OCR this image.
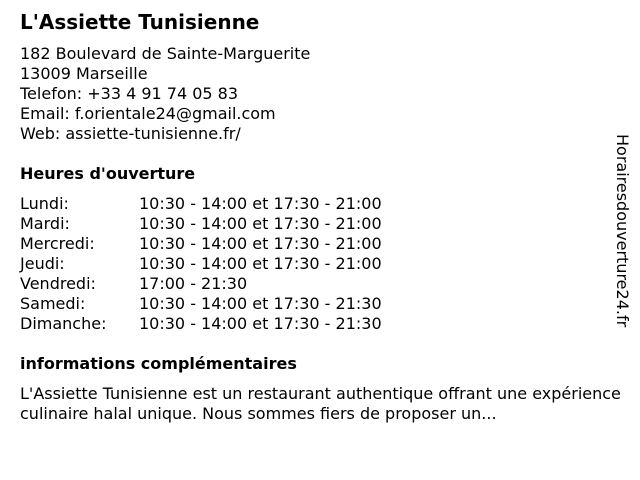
L'Assiette Tunisienne
182 Boulevard de Sainte-Marguerite
13009 Marseille
Telefon: +33 4 91 74 05 83
Email: f.orientale24@gmail.com
Web: assiette-tunisienne.fr/
Heures d'ouverture
Lundi:	10:30 - 14:00 et 17:30 - 21:00
Mardi:	10:30 - 14:00 et 17:30 - 21:00
Mercredi:	10:30 - 14:00 et 17:30 - 21:00
Jeudi:	10:30 - 14:00 et 17:30 - 21:00
Vendredi:	17:00 - 21:30
Samedi:	10:30 - 14:00 et 17:30 - 21:30
Dimanche: 10:30 - 14:00 et 17:30 - 21:30
informations complémentaires

L'Assiette Tunisienne est un restaurant authentique offrant une expérience culinaire halal unique. Nous sommes fiers de proposer un...

Horairesdouverture24.fr
